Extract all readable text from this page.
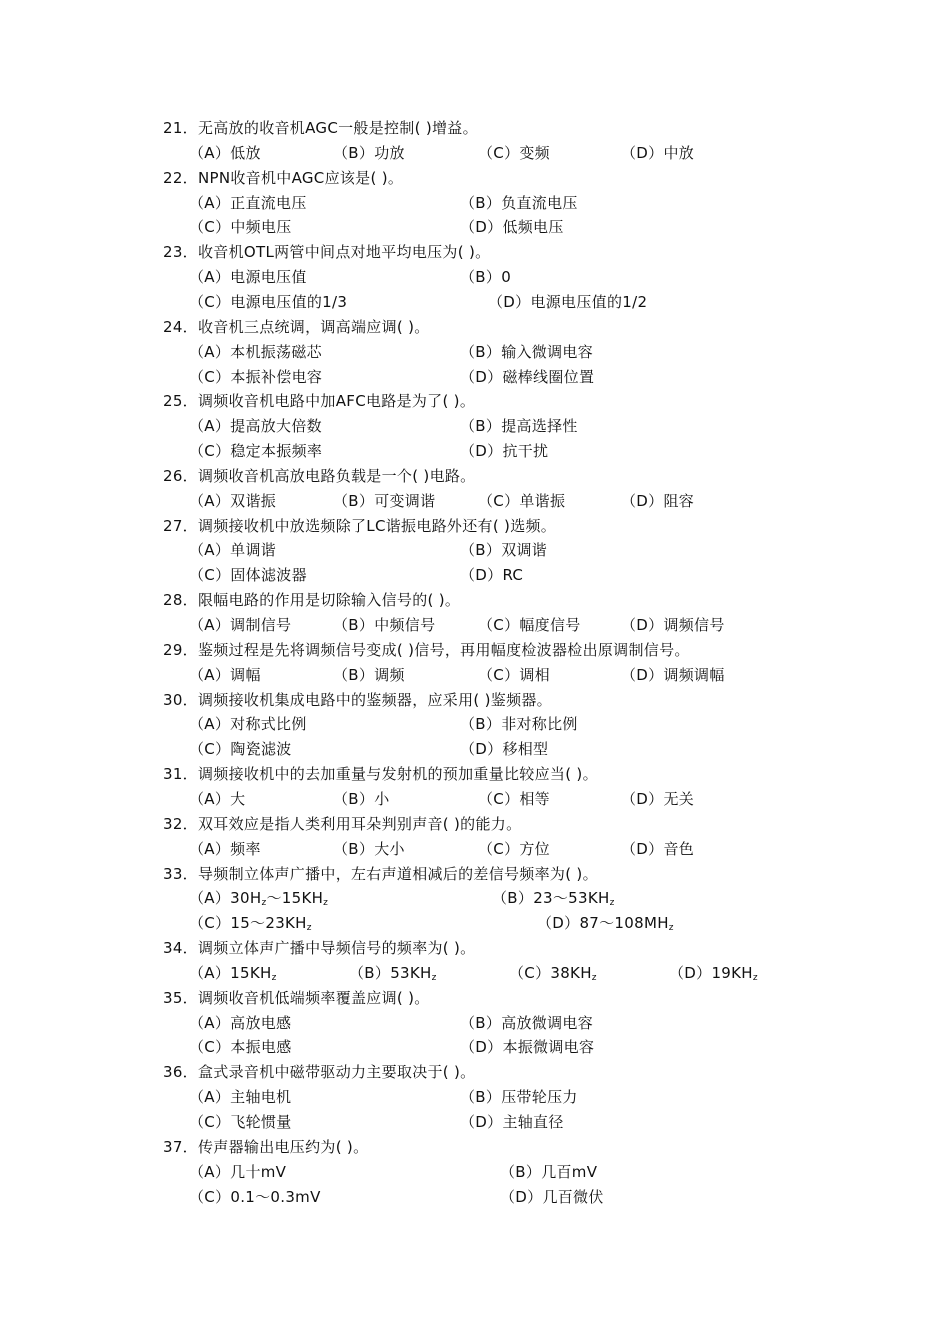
21．无高放的收音机AGC一般是控制( )增益。
（A）低放	（B）功放	（C）变频	（D）中放
22．NPN收音机中AGC应该是( )。
（A）正直流电压	（B）负直流电压
（C）中频电压	（D）低频电压
23．收音机OTL两管中间点对地平均电压为( )。
（A）电源电压值	（B）0
（C）电源电压值的1/3	（D）电源电压值的1/2
24．收音机三点统调，调高端应调( )。
（A）本机振荡磁芯	（B）输入微调电容
（C）本振补偿电容	（D）磁棒线圈位置
25．调频收音机电路中加AFC电路是为了( )。
（A）提高放大倍数	（B）提高选择性
（C）稳定本振频率	（D）抗干扰
26．调频收音机高放电路负载是一个( )电路。
（A）双谐振	（B）可变调谐	（C）单谐振	（D）阻容
27．调频接收机中放选频除了LC谐振电路外还有( )选频。
（A）单调谐	（B）双调谐
（C）固体滤波器	（D）RC
28．限幅电路的作用是切除输入信号的( )。
（A）调制信号	（B）中频信号	（C）幅度信号	（D）调频信号
29．鉴频过程是先将调频信号变成( )信号，再用幅度检波器检出原调制信号。
（A）调幅	（B）调频	（C）调相	（D）调频调幅
30．调频接收机集成电路中的鉴频器，应采用( )鉴频器。
（A）对称式比例	（B）非对称比例
（C）陶瓷滤波	（D）移相型
31．调频接收机中的去加重量与发射机的预加重量比较应当( )。
（A）大	（B）小	（C）相等	（D）无关
32．双耳效应是指人类利用耳朵判别声音( )的能力。
（A）频率	（B）大小	（C）方位	（D）音色
33．导频制立体声广播中，左右声道相减后的差信号频率为( )。
$(A)30H_z\sim 15KH_z$	$(B)23\sim 53KH_z$
$(C)15\sim 23KH_z$	$(D)87\sim 108MH_z$
34．调频立体声广播中导频信号的频率为( )。
$(A)15KH_z$	$(B)53KH_z$	$(C)38KH_z$	$(D)19KH_z$
35．调频收音机低端频率覆盖应调( )。
（A）高放电感	（B）高放微调电容
（C）本振电感	（D）本振微调电容
36．盒式录音机中磁带驱动力主要取决于( )。
（A）主轴电机	（B）压带轮压力
（C）飞轮惯量	（D）主轴直径
37．传声器输出电压约为( )。
（A）几十mV	（B）几百mV
（C）0.1～0.3mV	（D）几百微伏
